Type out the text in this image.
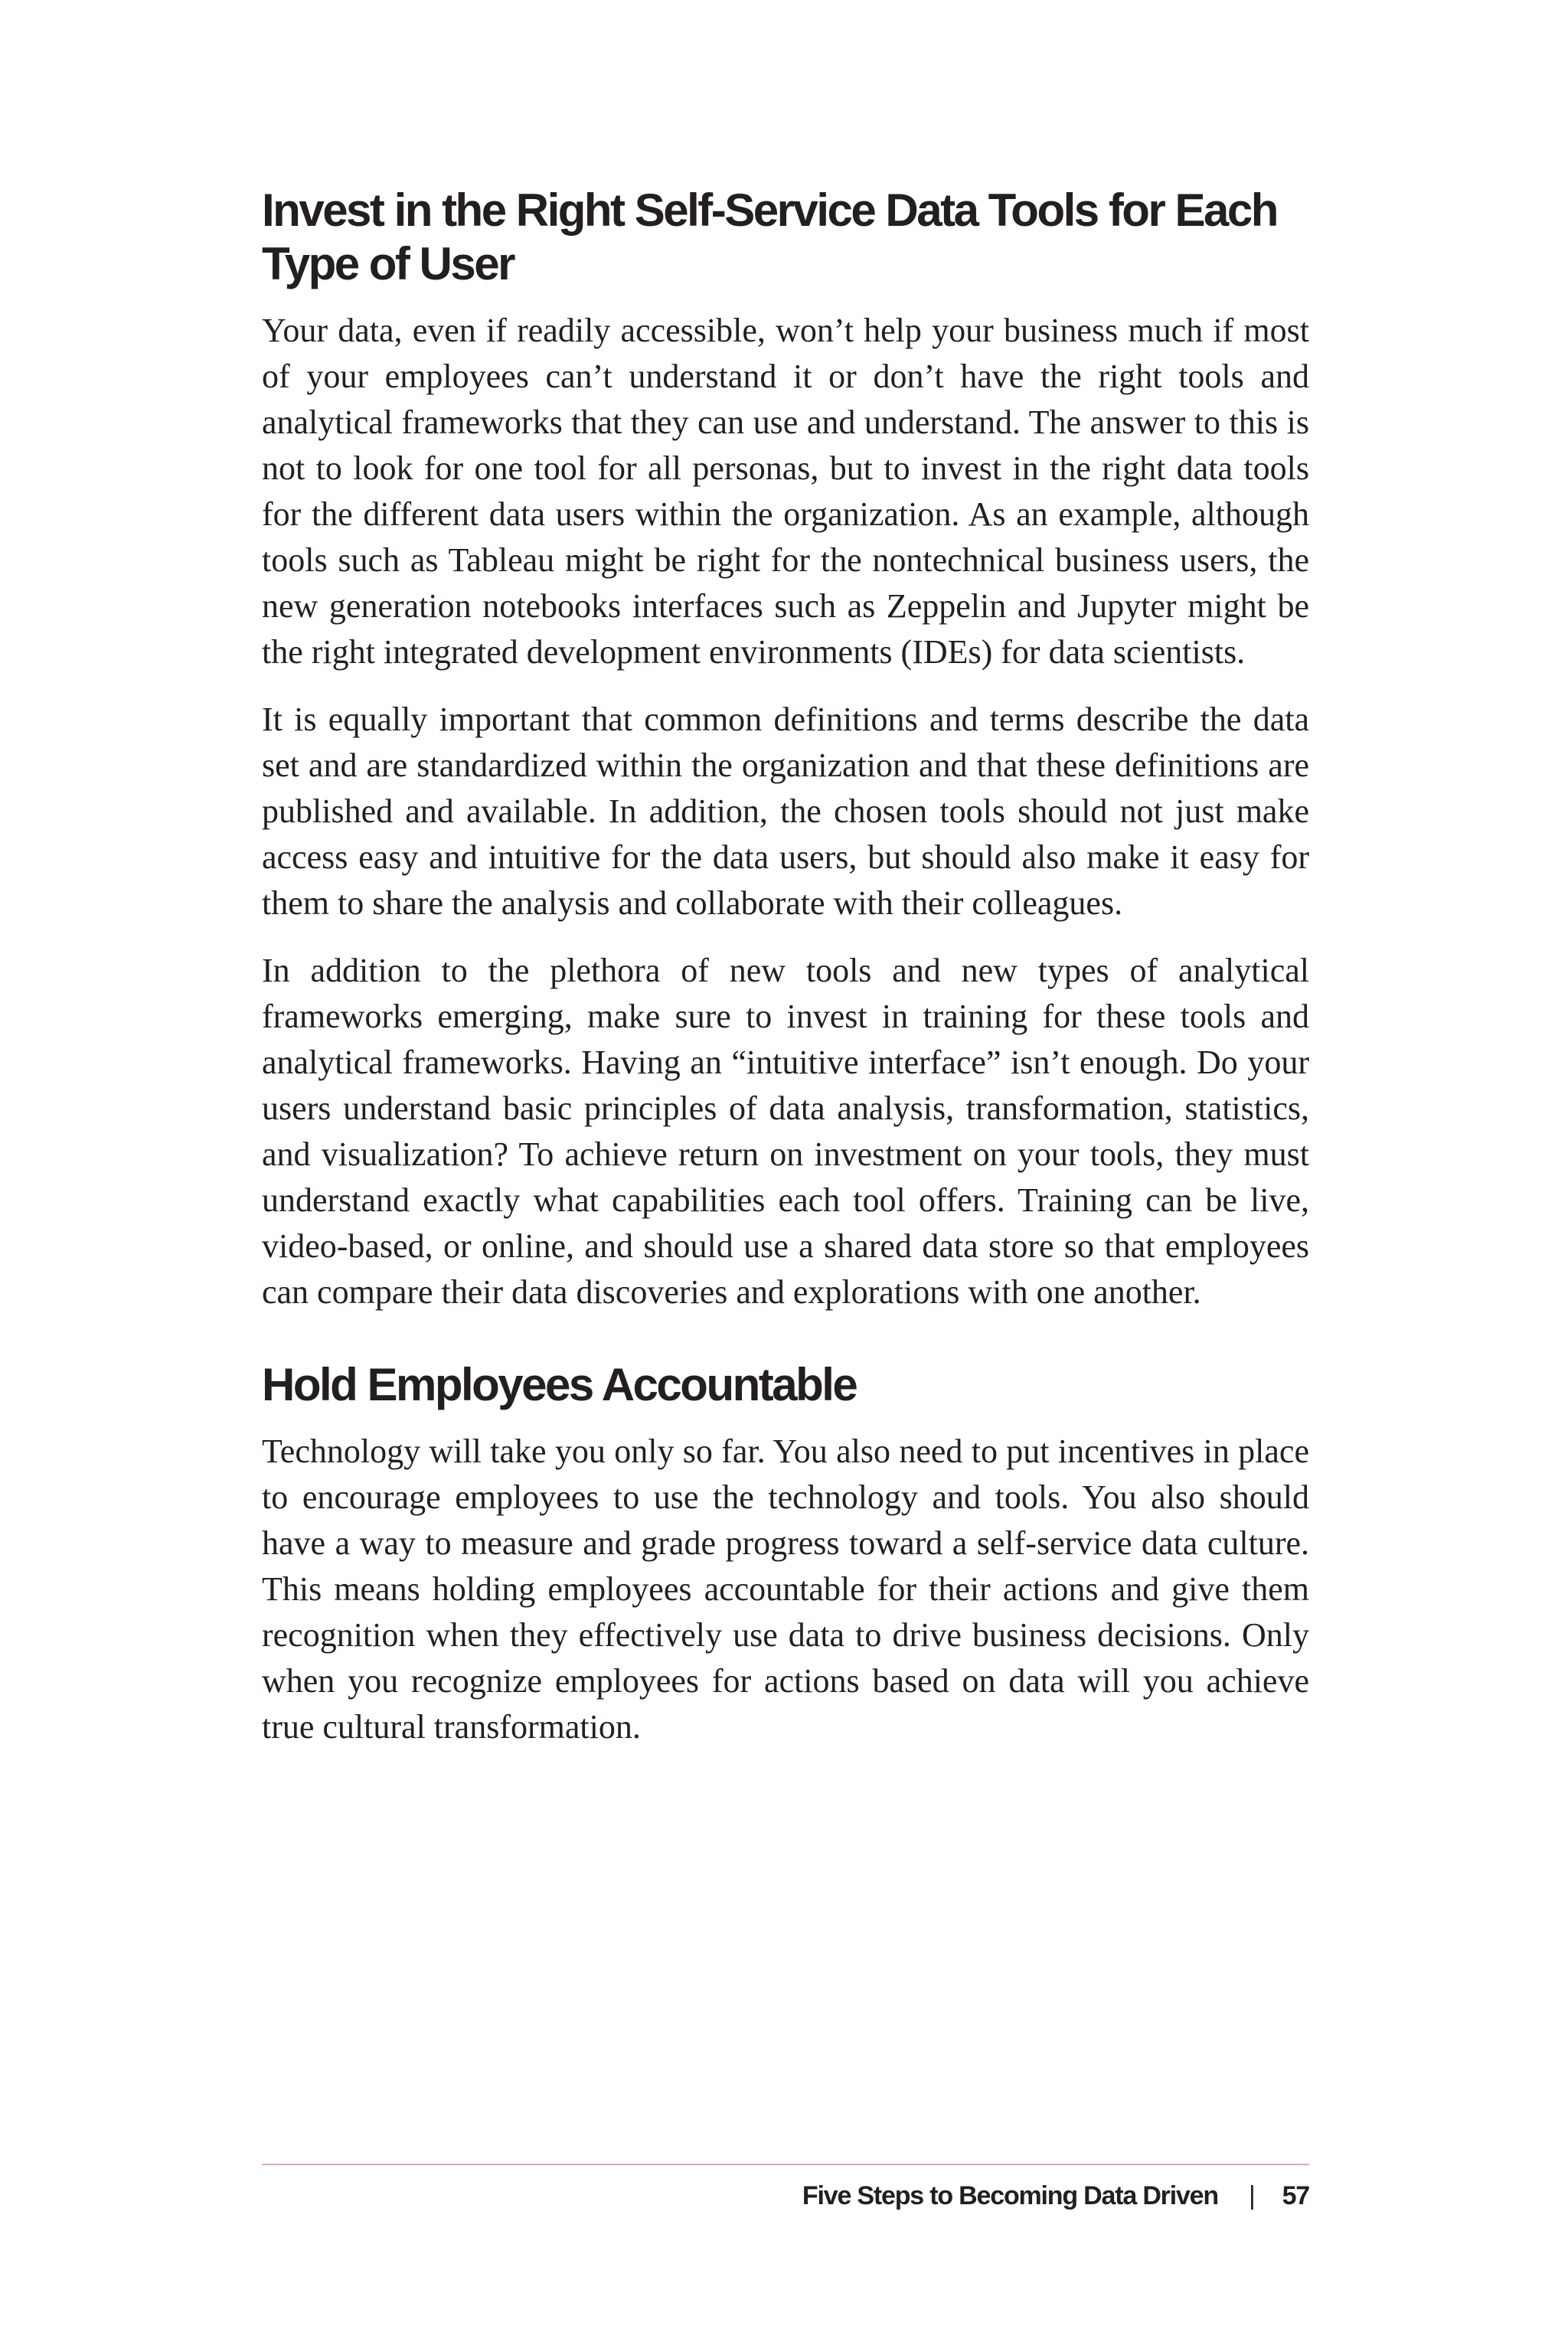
Invest in the Right Self-Service Data Tools for Each Type of User

Your data, even if readily accessible, won’t help your business much if most of your employees can’t understand it or don’t have the right tools and analytical frameworks that they can use and understand. The answer to this is not to look for one tool for all personas, but to invest in the right data tools for the different data users within the organization. As an example, although tools such as Tableau might be right for the nontechnical business users, the new generation notebooks interfaces such as Zeppelin and Jupyter might be the right integrated development environments (IDEs) for data scientists.

It is equally important that common definitions and terms describe the data set and are standardized within the organization and that these definitions are published and available. In addition, the chosen tools should not just make access easy and intuitive for the data users, but should also make it easy for them to share the analysis and collaborate with their colleagues.

In addition to the plethora of new tools and new types of analytical frameworks emerging, make sure to invest in training for these tools and analytical frameworks. Having an “intuitive interface” isn’t enough. Do your users understand basic principles of data analysis, transformation, statistics, and visualization? To achieve return on investment on your tools, they must understand exactly what capabilities each tool offers. Training can be live, video-based, or online, and should use a shared data store so that employees can compare their data discoveries and explorations with one another.

Hold Employees Accountable

Technology will take you only so far. You also need to put incentives in place to encourage employees to use the technology and tools. You also should have a way to measure and grade progress toward a self-service data culture. This means holding employees accountable for their actions and give them recognition when they effectively use data to drive business decisions. Only when you recognize employees for actions based on data will you achieve true cultural transformation.

Five Steps to Becoming Data Driven | 57
